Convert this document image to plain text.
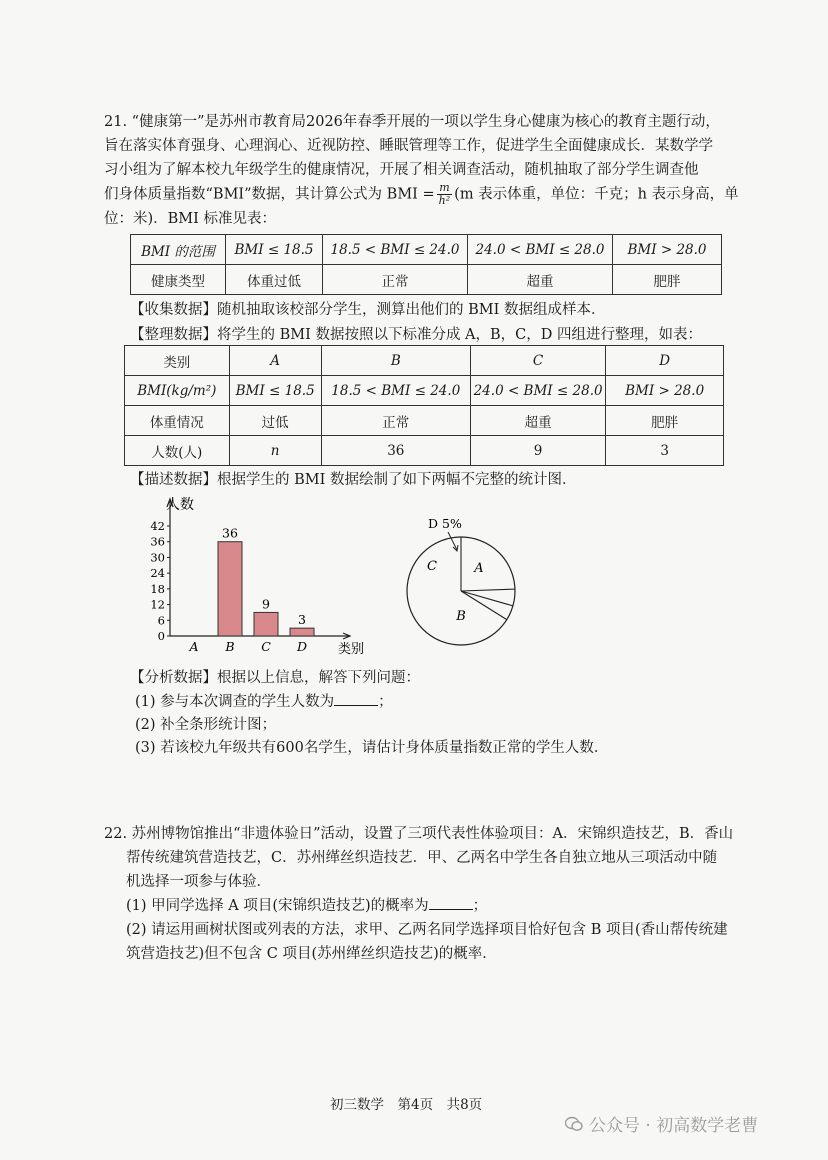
21. “健康第一”是苏州市教育局2026年春季开展的一项以学生身心健康为核心的教育主题行动，
旨在落实体育强身、心理润心、近视防控、睡眠管理等工作，促进学生全面健康成长．某数学学
习小组为了解本校九年级学生的健康情况，开展了相关调查活动，随机抽取了部分学生调查他
们身体质量指数“BMI”数据，其计算公式为 BMI = $\frac{m}{\text{h²}} (m$ 表示体重，单位：千克；h 表示身高，单
位：米)．BMI 标准见表：
BMI 的范围	BMI ≤ 18.5	18.5 < BMI ≤ 24.0	24.0 < BMI ≤ 28.0	BMI > 28.0
健康类型	体重过低	正常	超重	肥胖
【收集数据】随机抽取该校部分学生，测算出他们的 BMI 数据组成样本．
【整理数据】将学生的 BMI 数据按照以下标准分成 A，B，C，D 四组进行整理，如表：
类别	A	B	C	D
BMI(kg/m²)	BMI ≤ 18.5	18.5 < BMI ≤ 24.0	24.0 < BMI ≤ 28.0	BMI > 28.0
体重情况	过低	正常	超重	肥胖
人数(人)	n	36	9	3
【描述数据】根据学生的 BMI 数据绘制了如下两幅不完整的统计图．
人数
类别
0
6
12
18
24
30
36
42
A B
36
C
9
D
3
A
B
C
D 5%
【分析数据】根据以上信息，解答下列问题：
(1) 参与本次调查的学生人数为	；
(2) 补全条形统计图；
(3) 若该校九年级共有600名学生，请估计身体质量指数正常的学生人数．
22. 苏州博物馆推出“非遗体验日”活动，设置了三项代表性体验项目：A．宋锦织造技艺，B．香山
帮传统建筑营造技艺，C．苏州缂丝织造技艺．甲、乙两名中学生各自独立地从三项活动中随
机选择一项参与体验．
(1) 甲同学选择 A 项目(宋锦织造技艺)的概率为	；
(2) 请运用画树状图或列表的方法，求甲、乙两名同学选择项目恰好包含 B 项目(香山帮传统建
筑营造技艺)但不包含 C 项目(苏州缂丝织造技艺)的概率．
初三数学　第4页　共8页
公众号 · 初高数学老曹
